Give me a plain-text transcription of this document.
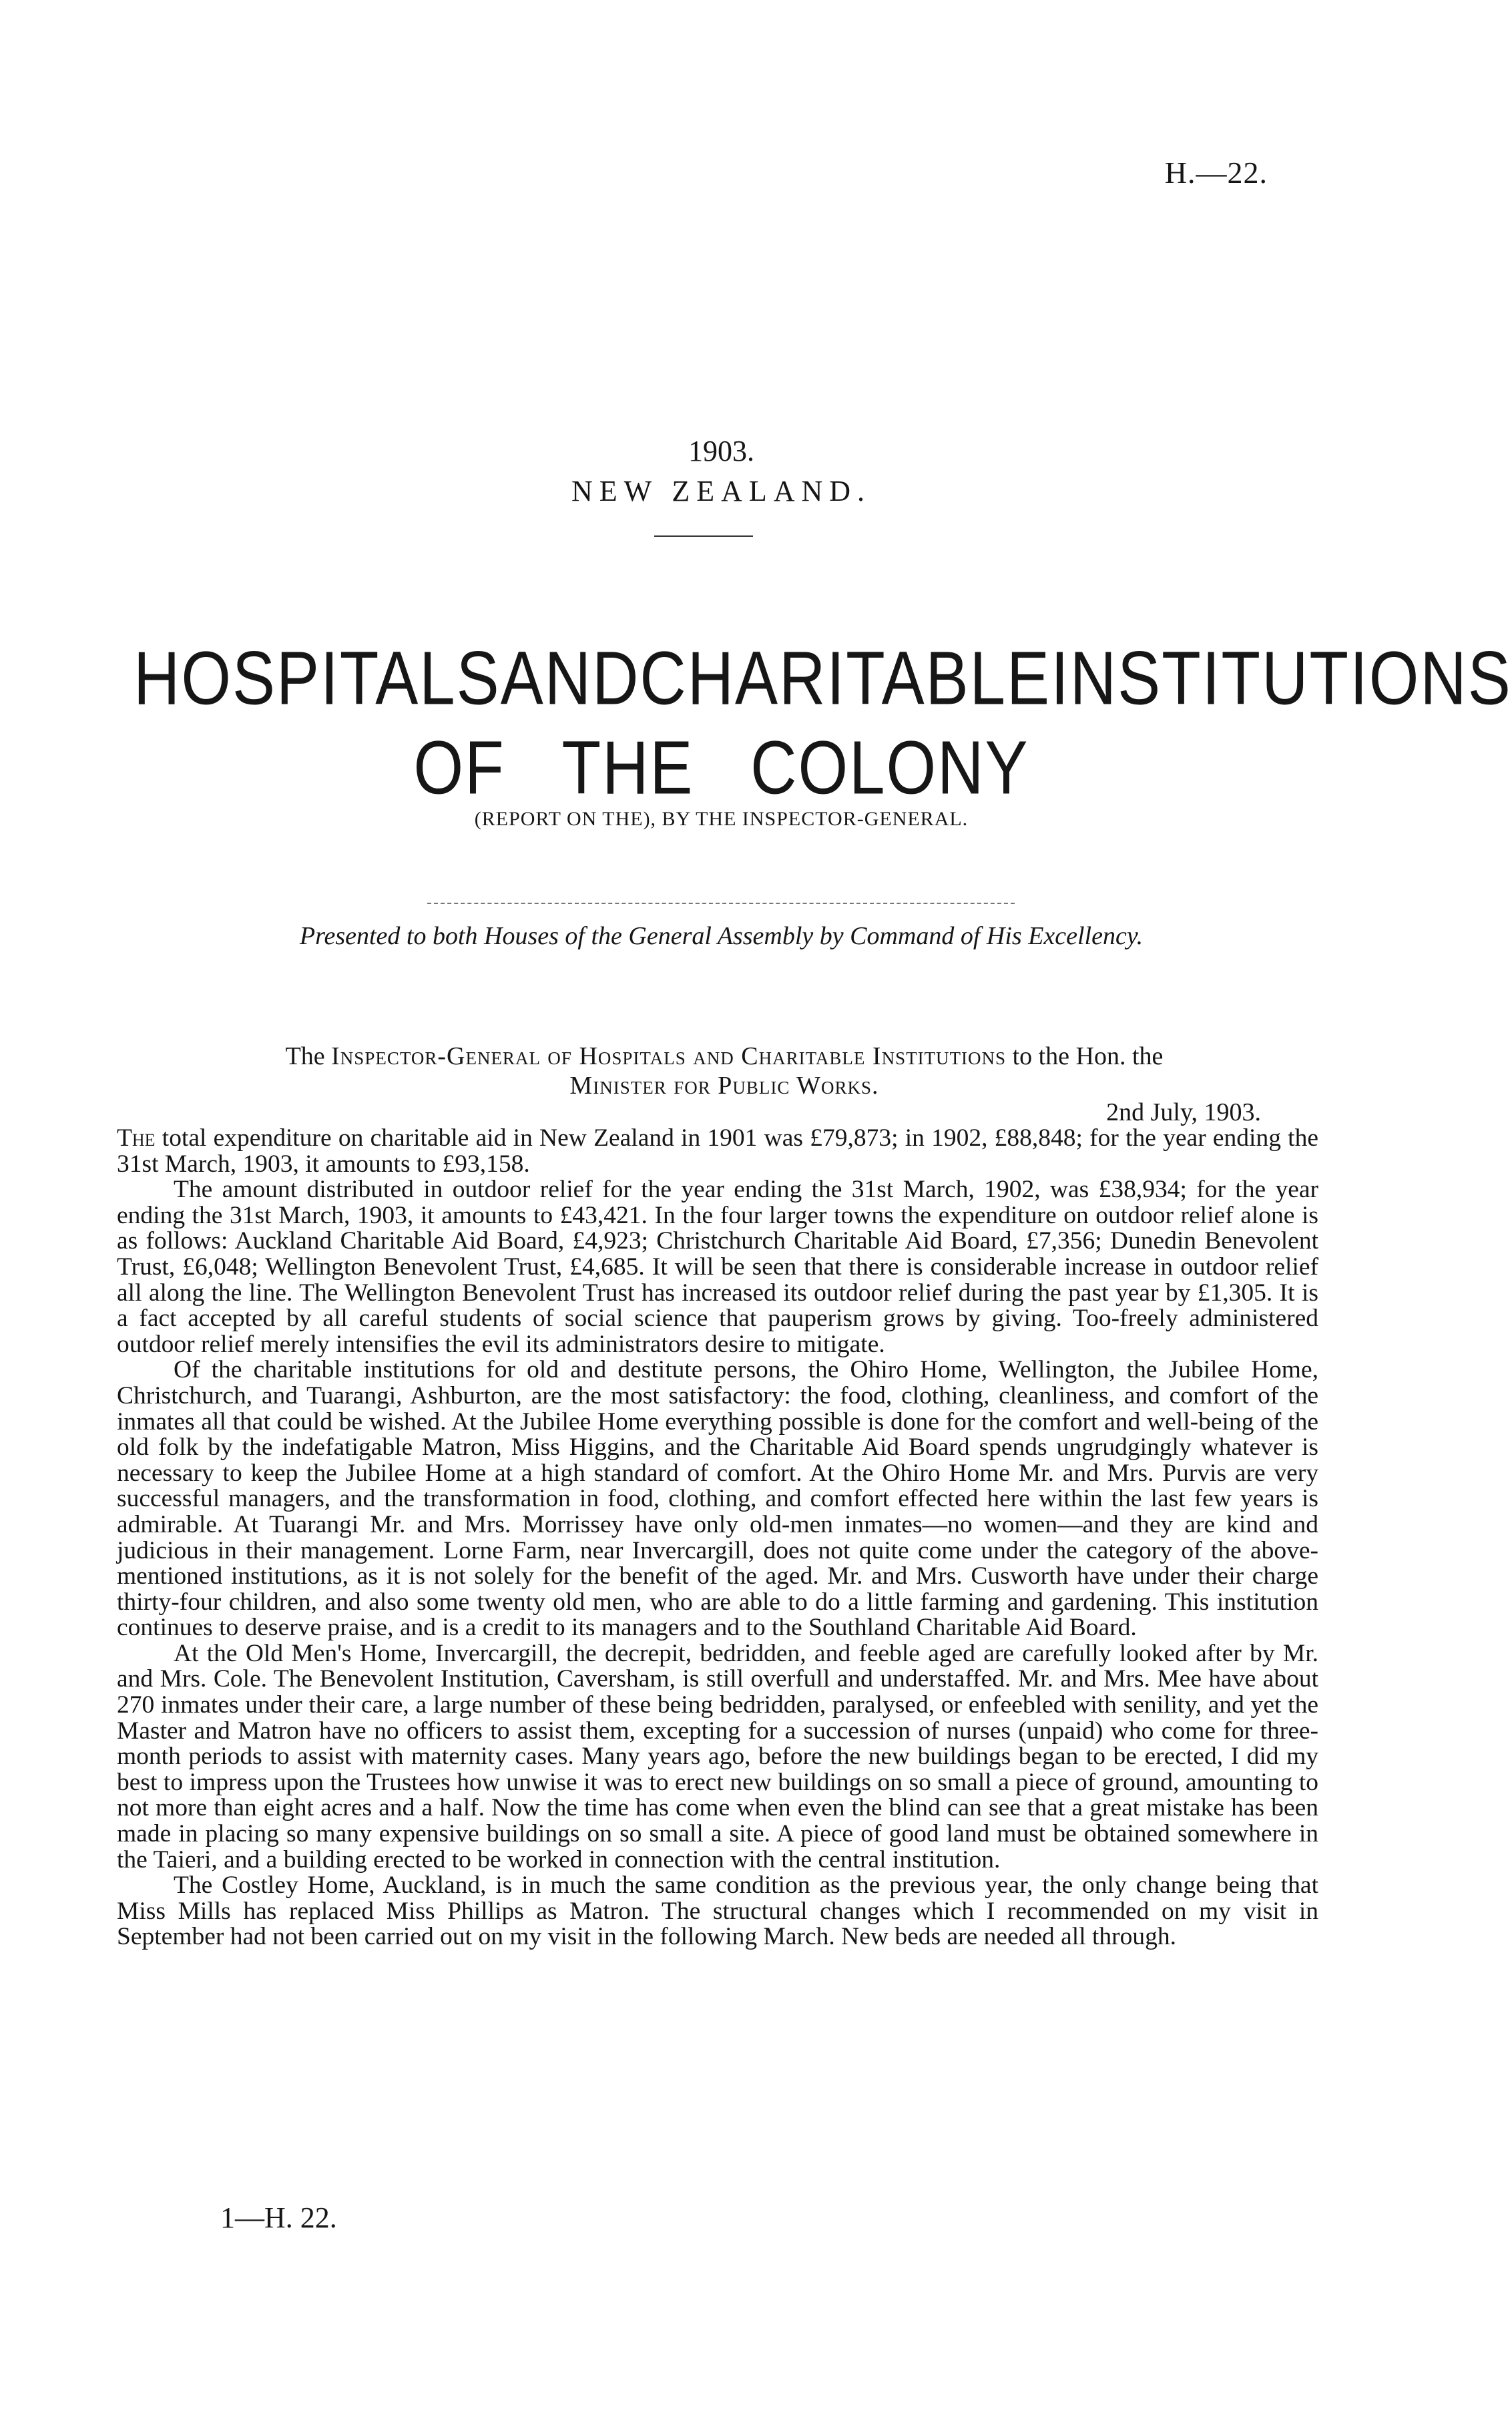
H.—22.
1903.
NEW ZEALAND.
HOSPITALS AND CHARITABLE INSTITUTIONS
OF THE COLONY
(REPORT ON THE), BY THE INSPECTOR-GENERAL.
Presented to both Houses of the General Assembly by Command of His Excellency.
The Inspector-General of Hospitals and Charitable Institutions to the Hon. the
Minister for Public Works.
2nd July, 1903.

The total expenditure on charitable aid in New Zealand in 1901 was £79,873; in 1902, £88,848; for the year ending the 31st March, 1903, it amounts to £93,158.

The amount distributed in outdoor relief for the year ending the 31st March, 1902, was £38,934; for the year ending the 31st March, 1903, it amounts to £43,421. In the four larger towns the expenditure on outdoor relief alone is as follows: Auckland Charitable Aid Board, £4,923; Christchurch Charitable Aid Board, £7,356; Dunedin Benevolent Trust, £6,048; Wellington Benevolent Trust, £4,685. It will be seen that there is considerable increase in outdoor relief all along the line. The Wellington Benevolent Trust has increased its outdoor relief during the past year by £1,305. It is a fact accepted by all careful students of social science that pauperism grows by giving. Too-freely administered outdoor relief merely intensifies the evil its administrators desire to mitigate.

Of the charitable institutions for old and destitute persons, the Ohiro Home, Wellington, the Jubilee Home, Christchurch, and Tuarangi, Ashburton, are the most satisfactory: the food, clothing, cleanliness, and comfort of the inmates all that could be wished. At the Jubilee Home everything possible is done for the comfort and well-being of the old folk by the indefatigable Matron, Miss Higgins, and the Charitable Aid Board spends ungrudgingly whatever is necessary to keep the Jubilee Home at a high standard of comfort. At the Ohiro Home Mr. and Mrs. Purvis are very successful managers, and the transformation in food, clothing, and comfort effected here within the last few years is admirable. At Tuarangi Mr. and Mrs. Morrissey have only old-men inmates—no women—and they are kind and judicious in their management. Lorne Farm, near Invercargill, does not quite come under the category of the above-mentioned institutions, as it is not solely for the benefit of the aged. Mr. and Mrs. Cusworth have under their charge thirty-four children, and also some twenty old men, who are able to do a little farming and gardening. This institution continues to deserve praise, and is a credit to its managers and to the Southland Charitable Aid Board.

At the Old Men's Home, Invercargill, the decrepit, bedridden, and feeble aged are carefully looked after by Mr. and Mrs. Cole. The Benevolent Institution, Caversham, is still overfull and understaffed. Mr. and Mrs. Mee have about 270 inmates under their care, a large number of these being bedridden, paralysed, or enfeebled with senility, and yet the Master and Matron have no officers to assist them, excepting for a succession of nurses (unpaid) who come for three-month periods to assist with maternity cases. Many years ago, before the new buildings began to be erected, I did my best to impress upon the Trustees how unwise it was to erect new buildings on so small a piece of ground, amounting to not more than eight acres and a half. Now the time has come when even the blind can see that a great mistake has been made in placing so many expensive buildings on so small a site. A piece of good land must be obtained somewhere in the Taieri, and a building erected to be worked in connection with the central institution.

The Costley Home, Auckland, is in much the same condition as the previous year, the only change being that Miss Mills has replaced Miss Phillips as Matron. The structural changes which I recommended on my visit in September had not been carried out on my visit in the following March. New beds are needed all through.

1—H. 22.
